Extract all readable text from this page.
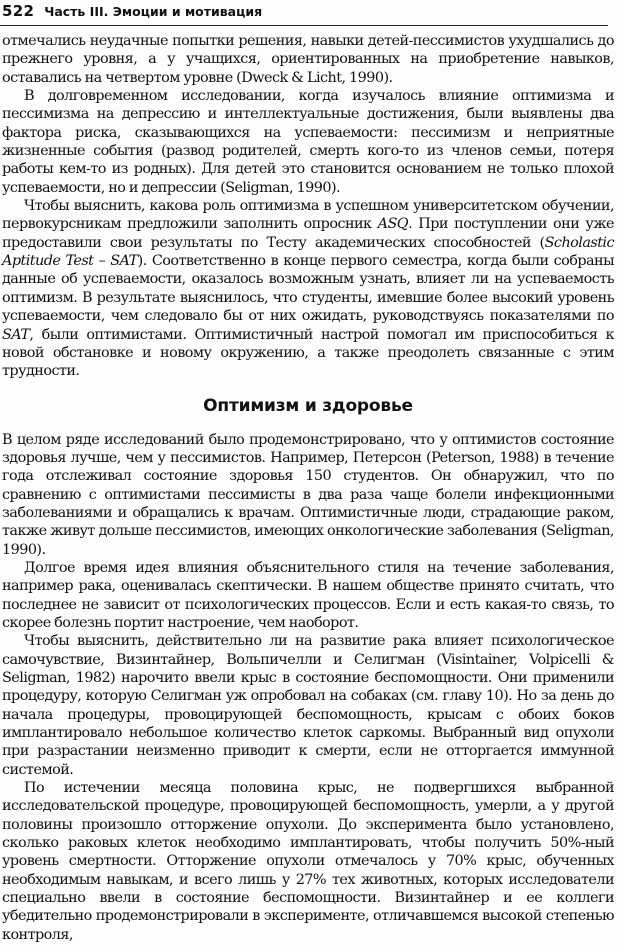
522 Часть III. Эмоции и мотивация

отмечались неудачные попытки решения, навыки детей-пессимистов ухудшались до прежнего уровня, а у учащихся, ориентированных на приобретение навыков, оставались на четвертом уровне (Dweck & Licht, 1990).

В долговременном исследовании, когда изучалось влияние оптимизма и пессимизма на депрессию и интеллектуальные достижения, были выявлены два фактора риска, сказывающихся на успеваемости: пессимизм и неприятные жизненные события (развод родителей, смерть кого-то из членов семьи, потеря работы кем-то из родных). Для детей это становится основанием не только плохой успеваемости, но и депрессии (Seligman, 1990).

Чтобы выяснить, какова роль оптимизма в успешном университетском обучении, первокурсникам предложили заполнить опросник ASQ. При поступлении они уже предоставили свои результаты по Тесту академических способностей (Scholastic Aptitude Test – SAT). Соответственно в конце первого семестра, когда были собраны данные об успеваемости, оказалось возможным узнать, влияет ли на успеваемость оптимизм. В результате выяснилось, что студенты, имевшие более высокий уровень успеваемости, чем следовало бы от них ожидать, руководствуясь показателями по SAT, были оптимистами. Оптимистичный настрой помогал им приспособиться к новой обстановке и новому окружению, а также преодолеть связанные с этим трудности.

Оптимизм и здоровье

В целом ряде исследований было продемонстрировано, что у оптимистов состояние здоровья лучше, чем у пессимистов. Например, Петерсон (Peterson, 1988) в течение года отслеживал состояние здоровья 150 студентов. Он обнаружил, что по сравнению с оптимистами пессимисты в два раза чаще болели инфекционными заболеваниями и обращались к врачам. Оптимистичные люди, страдающие раком, также живут дольше пессимистов, имеющих онкологические заболевания (Seligman, 1990).

Долгое время идея влияния объяснительного стиля на течение заболевания, например рака, оценивалась скептически. В нашем обществе принято считать, что последнее не зависит от психологических процессов. Если и есть какая-то связь, то скорее болезнь портит настроение, чем наоборот.

Чтобы выяснить, действительно ли на развитие рака влияет психологическое самочувствие, Визинтайнер, Вольпичелли и Селигман (Visintainer, Volpicelli & Seligman, 1982) нарочито ввели крыс в состояние беспомощности. Они применили процедуру, которую Селигман уж опробовал на собаках (см. главу 10). Но за день до начала процедуры, провоцирующей беспомощность, крысам с обоих боков имплантировало небольшое количество клеток саркомы. Выбранный вид опухоли при разрастании неизменно приводит к смерти, если не отторгается иммунной системой.

По истечении месяца половина крыс, не подвергшихся выбранной исследовательской процедуре, провоцирующей беспомощность, умерли, а у другой половины произошло отторжение опухоли. До эксперимента было установлено, сколько раковых клеток необходимо имплантировать, чтобы получить 50%-ный уровень смертности. Отторжение опухоли отмечалось у 70% крыс, обученных необходимым навыкам, и всего лишь у 27% тех животных, которых исследователи специально ввели в состояние беспомощности. Визинтайнер и ее коллеги убедительно продемонстрировали в эксперименте, отличавшемся высокой степенью контроля,
